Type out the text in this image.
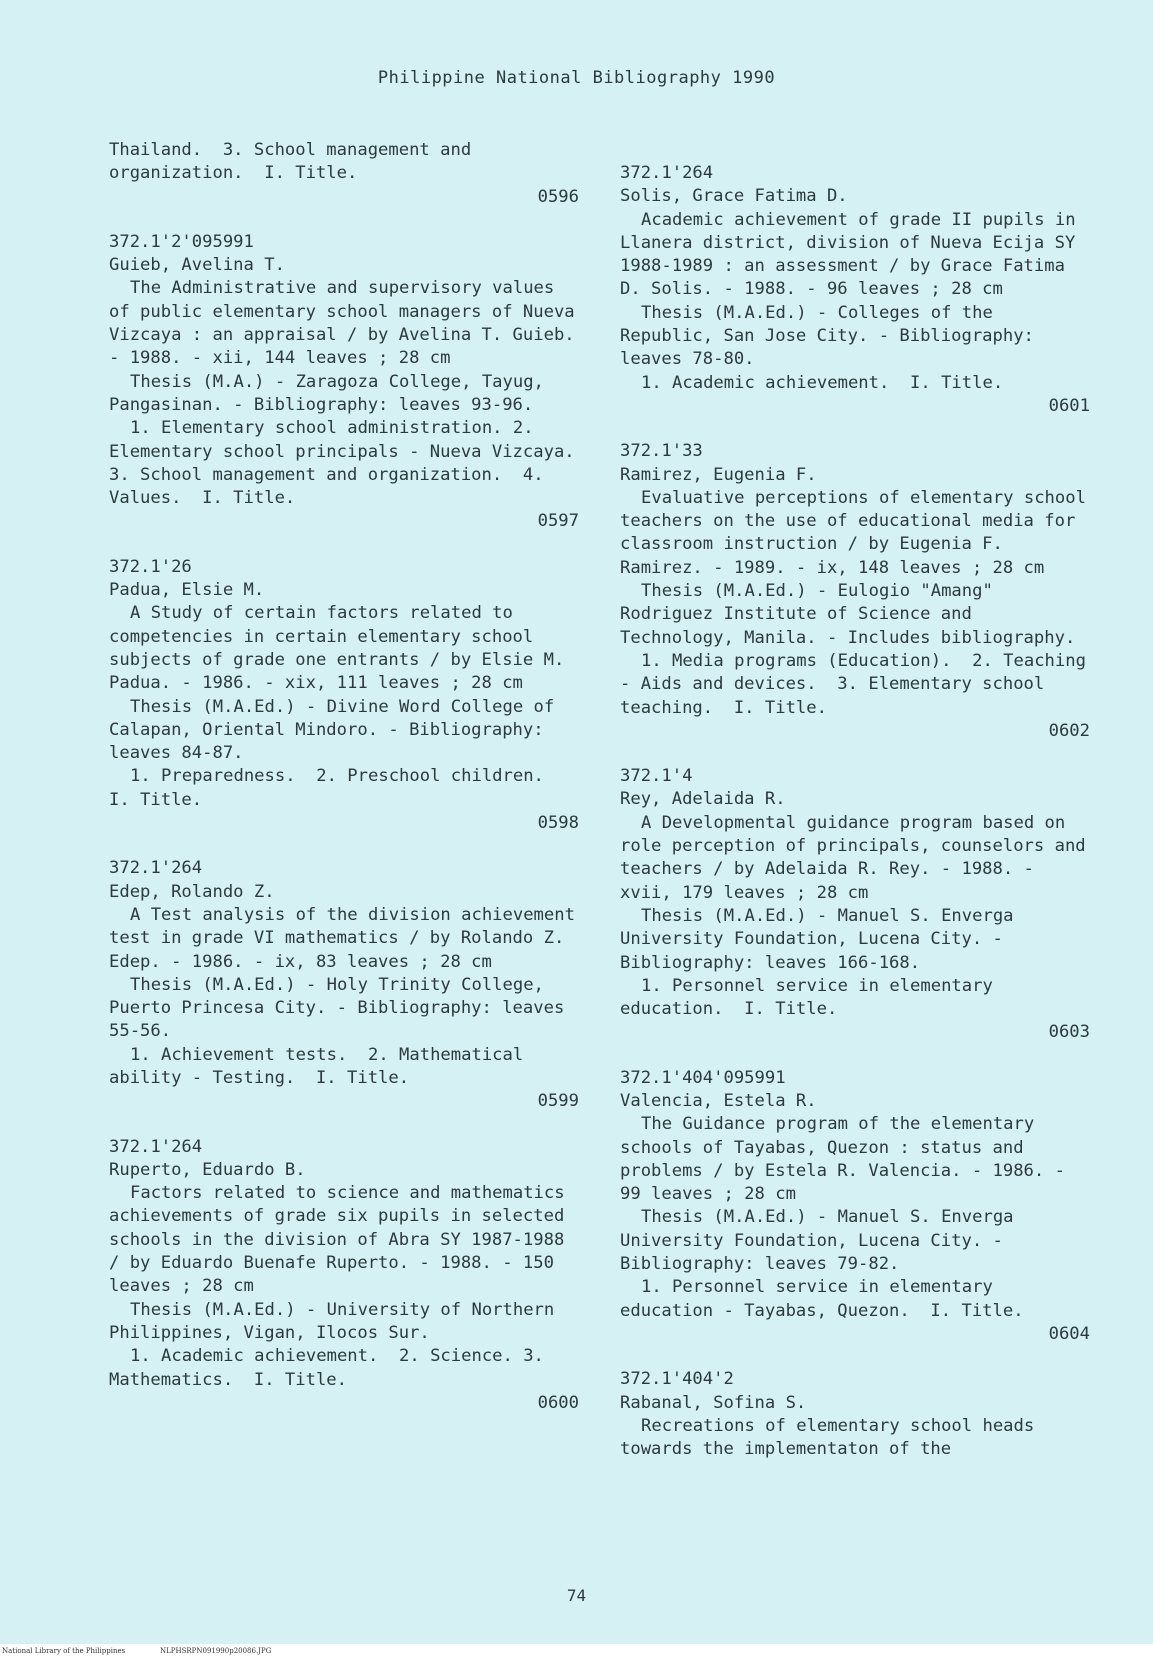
Philippine National Bibliography 1990

Thailand.  3. School management and organization.  I. Title.

0596

372.1'2'095991

Guieb, Avelina T.

The Administrative and supervisory values of public elementary school managers of Nueva Vizcaya : an appraisal / by Avelina T. Guieb. - 1988. - xii, 144 leaves ; 28 cm

Thesis (M.A.) - Zaragoza College, Tayug, Pangasinan. - Bibliography: leaves 93-96.

1. Elementary school administration. 2. Elementary school principals - Nueva Vizcaya.  3. School management and organization.  4. Values.  I. Title.

0597

372.1'26

Padua, Elsie M.

A Study of certain factors related to competencies in certain elementary school subjects of grade one entrants / by Elsie M. Padua. - 1986. - xix, 111 leaves ; 28 cm

Thesis (M.A.Ed.) - Divine Word College of Calapan, Oriental Mindoro. - Bibliography: leaves 84-87.

1. Preparedness.  2. Preschool children.  I. Title.

0598

372.1'264

Edep, Rolando Z.

A Test analysis of the division achievement test in grade VI mathematics / by Rolando Z. Edep. - 1986. - ix, 83 leaves ; 28 cm

Thesis (M.A.Ed.) - Holy Trinity College, Puerto Princesa City. - Bibliography: leaves 55-56.

1. Achievement tests.  2. Mathematical ability - Testing.  I. Title.

0599

372.1'264

Ruperto, Eduardo B.

Factors related to science and mathematics achievements of grade six pupils in selected schools in the division of Abra SY 1987-1988 / by Eduardo Buenafe Ruperto. - 1988. - 150 leaves ; 28 cm

Thesis (M.A.Ed.) - University of Northern Philippines, Vigan, Ilocos Sur.

1. Academic achievement.  2. Science. 3. Mathematics.  I. Title.

0600

372.1'264

Solis, Grace Fatima D.

Academic achievement of grade II pupils in Llanera district, division of Nueva Ecija SY 1988-1989 : an assessment / by Grace Fatima D. Solis. - 1988. - 96 leaves ; 28 cm

Thesis (M.A.Ed.) - Colleges of the Republic, San Jose City. - Bibliography: leaves 78-80.

1. Academic achievement.  I. Title.

0601

372.1'33

Ramirez, Eugenia F.

Evaluative perceptions of elementary school teachers on the use of educational media for classroom instruction / by Eugenia F. Ramirez. - 1989. - ix, 148 leaves ; 28 cm

Thesis (M.A.Ed.) - Eulogio "Amang" Rodriguez Institute of Science and Technology, Manila. - Includes bibliography.

1. Media programs (Education).  2. Teaching - Aids and devices.  3. Elementary school teaching.  I. Title.

0602

372.1'4

Rey, Adelaida R.

A Developmental guidance program based on role perception of principals, counselors and teachers / by Adelaida R. Rey. - 1988. - xvii, 179 leaves ; 28 cm

Thesis (M.A.Ed.) - Manuel S. Enverga University Foundation, Lucena City. - Bibliography: leaves 166-168.

1. Personnel service in elementary education.  I. Title.

0603

372.1'404'095991

Valencia, Estela R.

The Guidance program of the elementary schools of Tayabas, Quezon : status and problems / by Estela R. Valencia. - 1986. - 99 leaves ; 28 cm

Thesis (M.A.Ed.) - Manuel S. Enverga University Foundation, Lucena City. - Bibliography: leaves 79-82.

1. Personnel service in elementary education - Tayabas, Quezon.  I. Title.

0604

372.1'404'2

Rabanal, Sofina S.

Recreations of elementary school heads towards the implementaton of the

74
National Library of the Philippines	NLPHSRPN091990p20086.JPG
